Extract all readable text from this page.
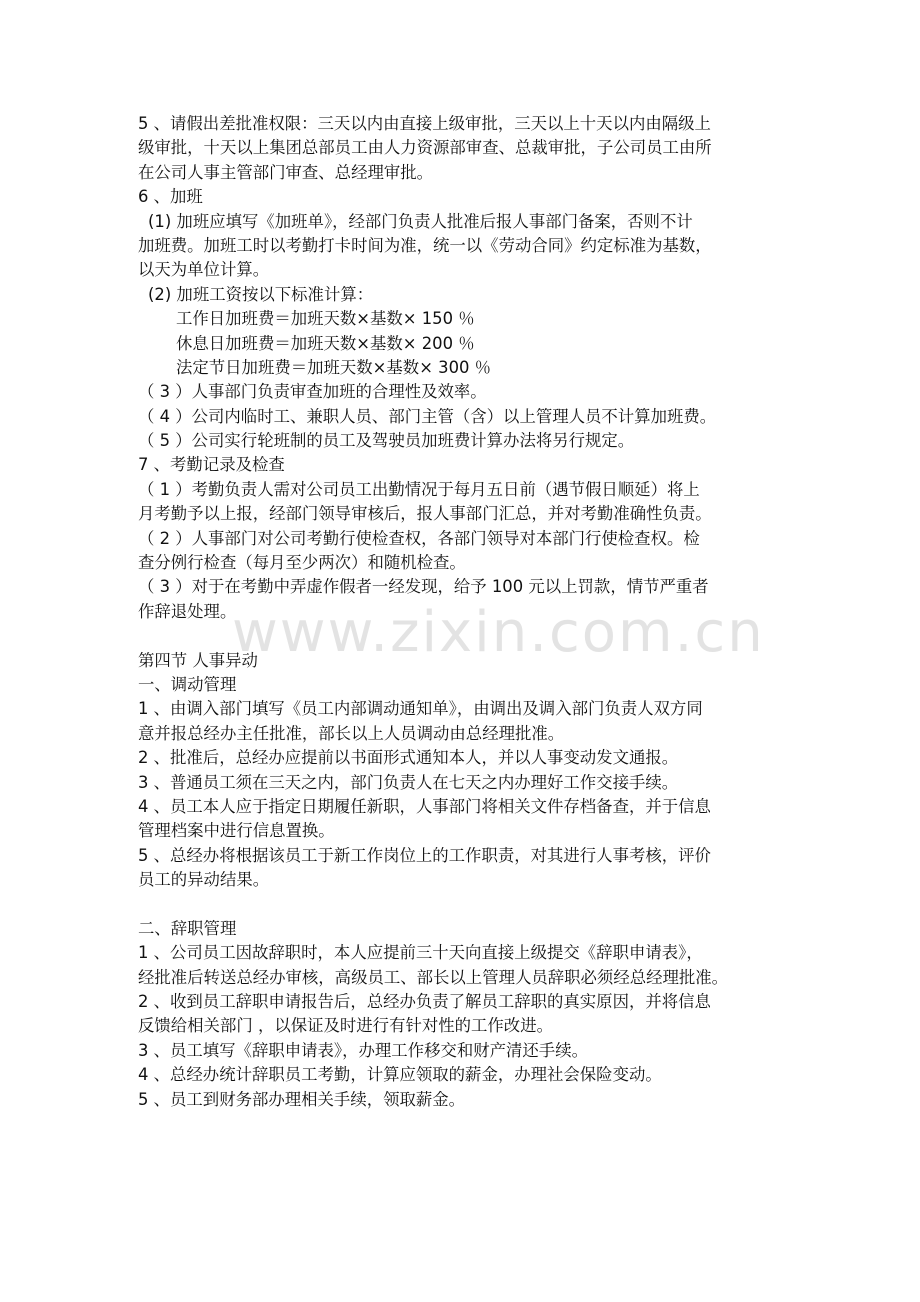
5 、请假出差批准权限：三天以内由直接上级审批，三天以上十天以内由隔级上
级审批，十天以上集团总部员工由人力资源部审查、总裁审批，子公司员工由所
在公司人事主管部门审查、总经理审批。
6 、加班
(1) 加班应填写《加班单》，经部门负责人批准后报人事部门备案，否则不计
加班费。加班工时以考勤打卡时间为准，统一以《劳动合同》约定标准为基数，
以天为单位计算。
(2) 加班工资按以下标准计算：
工作日加班费＝加班天数×基数× 150 ％
休息日加班费＝加班天数×基数× 200 ％
法定节日加班费＝加班天数×基数× 300 ％
（ 3 ）人事部门负责审查加班的合理性及效率。
（ 4 ）公司内临时工、兼职人员、部门主管（含）以上管理人员不计算加班费。
（ 5 ）公司实行轮班制的员工及驾驶员加班费计算办法将另行规定。
7 、考勤记录及检查
（ 1 ）考勤负责人需对公司员工出勤情况于每月五日前（遇节假日顺延）将上
月考勤予以上报，经部门领导审核后，报人事部门汇总，并对考勤准确性负责。
（ 2 ）人事部门对公司考勤行使检查权，各部门领导对本部门行使检查权。检
查分例行检查（每月至少两次）和随机检查。
（ 3 ）对于在考勤中弄虚作假者一经发现，给予 100 元以上罚款，情节严重者
作辞退处理。
第四节 人事异动
一、调动管理
1 、由调入部门填写《员工内部调动通知单》，由调出及调入部门负责人双方同
意并报总经办主任批准，部长以上人员调动由总经理批准。
2 、批准后，总经办应提前以书面形式通知本人，并以人事变动发文通报。
3 、普通员工须在三天之内，部门负责人在七天之内办理好工作交接手续。
4 、员工本人应于指定日期履任新职，人事部门将相关文件存档备查，并于信息
管理档案中进行信息置换。
5 、总经办将根据该员工于新工作岗位上的工作职责，对其进行人事考核，评价
员工的异动结果。
二、辞职管理
1 、公司员工因故辞职时，本人应提前三十天向直接上级提交《辞职申请表》，
经批准后转送总经办审核，高级员工、部长以上管理人员辞职必须经总经理批准。
2 、收到员工辞职申请报告后，总经办负责了解员工辞职的真实原因，并将信息
反馈给相关部门 ，以保证及时进行有针对性的工作改进。
3 、员工填写《辞职申请表》，办理工作移交和财产清还手续。
4 、总经办统计辞职员工考勤，计算应领取的薪金，办理社会保险变动。
5 、员工到财务部办理相关手续，领取薪金。
www.zixin.com.cn
